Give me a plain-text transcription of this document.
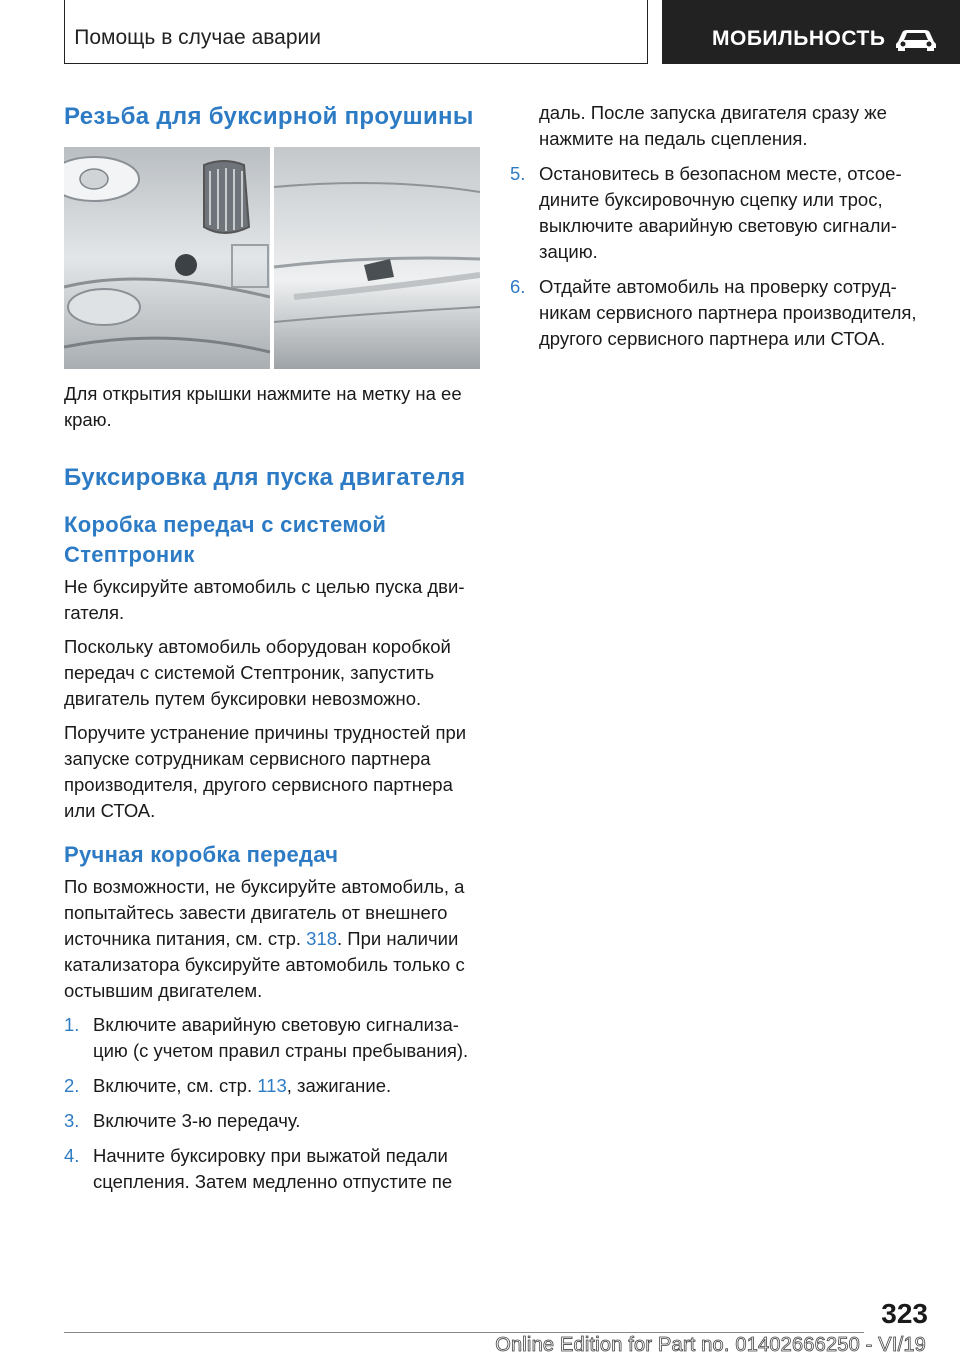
Помощь в случае аварии	МОБИЛЬНОСТЬ
Резьба для буксирной проушины

Для открытия крышки нажмите на метку на ее краю.

Буксировка для пуска двигателя
Коробка передач с системой Стептроник

Не буксируйте автомобиль с целью пуска двигателя.

Поскольку автомобиль оборудован коробкой передач с системой Стептроник, запустить двигатель путем буксировки невозможно.

Поручите устранение причины трудностей при запуске сотрудникам сервисного партнера производителя, другого сервисного партнера или СТОА.

Ручная коробка передач

По возможности, не буксируйте автомобиль, а попытайтесь завести двигатель от внешнего источника питания, см. стр. 318. При наличии катализатора буксируйте автомобиль только с остывшим двигателем.

1. Включите аварийную световую сигнализацию (с учетом правил страны пребывания).
2. Включите, см. стр. 113, зажигание.
3. Включите 3-ю передачу.
4. Начните буксировку при выжатой педали сцепления. Затем медленно отпустите пе
даль. После запуска двигателя сразу же нажмите на педаль сцепления.
5. Остановитесь в безопасном месте, отсоедините буксировочную сцепку или трос, выключите аварийную световую сигнализацию.
6. Отдайте автомобиль на проверку сотрудникам сервисного партнера производителя, другого сервисного партнера или СТОА.
323
Online Edition for Part no. 01402666250 - VI/19
